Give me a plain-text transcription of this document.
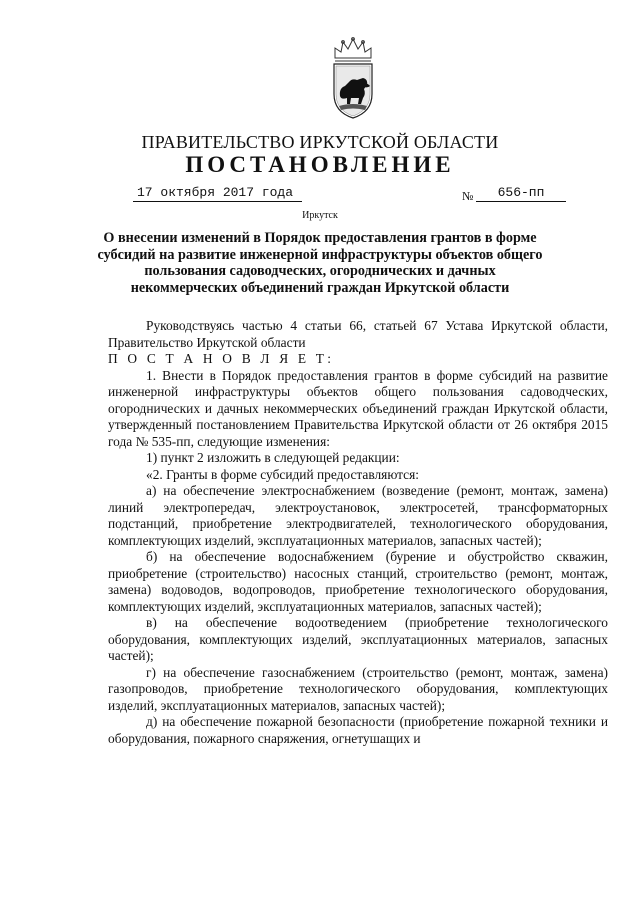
ПРАВИТЕЛЬСТВО ИРКУТСКОЙ ОБЛАСТИ
ПОСТАНОВЛЕНИЕ
17 октября 2017 года	№	656-пп
Иркутск
О внесении изменений в Порядок предоставления грантов в форме субсидий на развитие инженерной инфраструктуры объектов общего пользования садоводческих, огороднических и дачных некоммерческих объединений граждан Иркутской области

Руководствуясь частью 4 статьи 66, статьей 67 Устава Иркутской области, Правительство Иркутской области

П О С Т А Н О В Л Я Е Т:

1. Внести в Порядок предоставления грантов в форме субсидий на развитие инженерной инфраструктуры объектов общего пользования садоводческих, огороднических и дачных некоммерческих объединений граждан Иркутской области, утвержденный постановлением Правительства Иркутской области от 26 октября 2015 года № 535-пп, следующие изменения:

1) пункт 2 изложить в следующей редакции:

«2. Гранты в форме субсидий предоставляются:

а) на обеспечение электроснабжением (возведение (ремонт, монтаж, замена) линий электропередач, электроустановок, электросетей, трансформаторных подстанций, приобретение электродвигателей, технологического оборудования, комплектующих изделий, эксплуатационных материалов, запасных частей);

б) на обеспечение водоснабжением (бурение и обустройство скважин, приобретение (строительство) насосных станций, строительство (ремонт, монтаж, замена) водоводов, водопроводов, приобретение технологического оборудования, комплектующих изделий, эксплуатационных материалов, запасных частей);

в) на обеспечение водоотведением (приобретение технологического оборудования, комплектующих изделий, эксплуатационных материалов, запасных частей);

г) на обеспечение газоснабжением (строительство (ремонт, монтаж, замена) газопроводов, приобретение технологического оборудования, комплектующих изделий, эксплуатационных материалов, запасных частей);

д) на обеспечение пожарной безопасности (приобретение пожарной техники и оборудования, пожарного снаряжения, огнетушащих и
